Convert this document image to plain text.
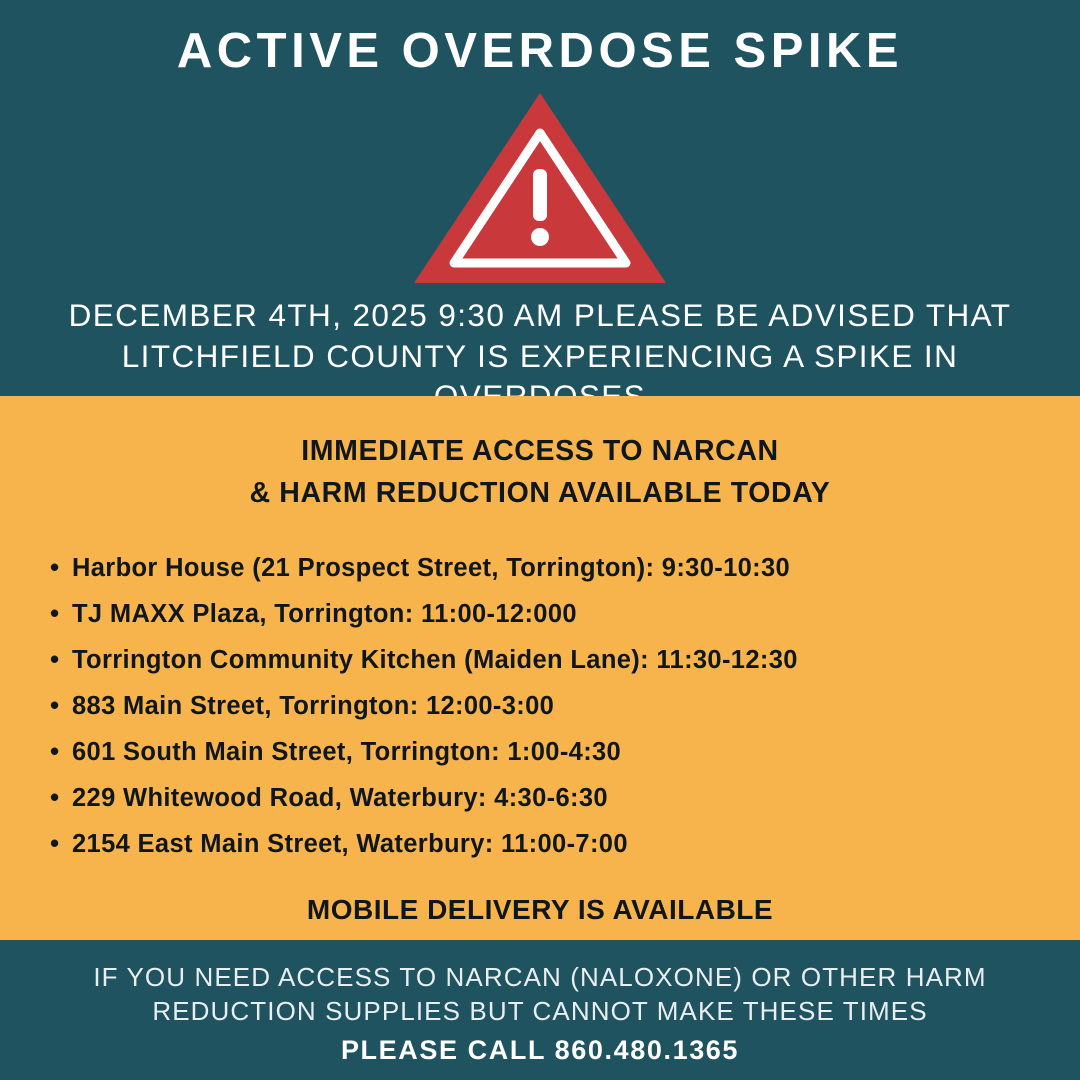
ACTIVE OVERDOSE SPIKE

DECEMBER 4TH, 2025 9:30 AM PLEASE BE ADVISED THAT LITCHFIELD COUNTY IS EXPERIENCING A SPIKE IN

IMMEDIATE ACCESS TO NARCAN
& HARM REDUCTION AVAILABLE TODAY
• Harbor House (21 Prospect Street, Torrington): 9:30-10:30
• TJ MAXX Plaza, Torrington: 11:00-12:000
• Torrington Community Kitchen (Maiden Lane): 11:30-12:30
• 883 Main Street, Torrington: 12:00-3:00
• 601 South Main Street, Torrington: 1:00-4:30
• 229 Whitewood Road, Waterbury: 4:30-6:30
• 2154 East Main Street, Waterbury: 11:00-7:00
MOBILE DELIVERY IS AVAILABLE

IF YOU NEED ACCESS TO NARCAN (NALOXONE) OR OTHER HARM

REDUCTION SUPPLIES BUT CANNOT MAKE THESE TIMES

PLEASE CALL 860.480.1365
